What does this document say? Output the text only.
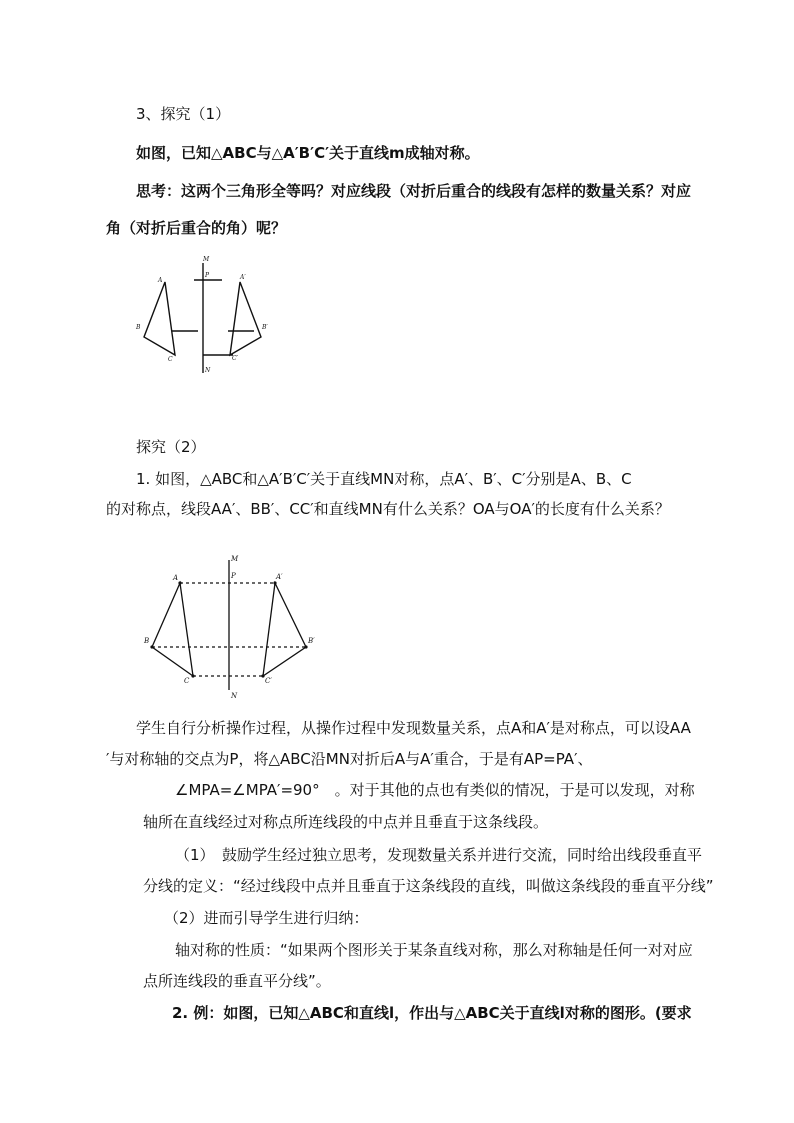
3、探究（1）
如图，已知△ABC与△A′B′C′关于直线m成轴对称。
思考：这两个三角形全等吗？对应线段（对折后重合的线段有怎样的数量关系？对应
角（对折后重合的角）呢？
A
B
C
A′
B′
C′
M
P
N
探究（2）
1. 如图，△ABC和△A′B′C′关于直线MN对称，点A′、B′、C′分别是A、B、C
的对称点，线段AA′、BB′、CC′和直线MN有什么关系？OA与OA′的长度有什么关系？
A
B
C
A′
B′
C′
M
P
N
学生自行分析操作过程，从操作过程中发现数量关系，点A和A′是对称点，可以设AA
′与对称轴的交点为P，将△ABC沿MN对折后A与A′重合，于是有AP=PA′、
∠MPA=∠MPA′=90°　。对于其他的点也有类似的情况，于是可以发现，对称
轴所在直线经过对称点所连线段的中点并且垂直于这条线段。
（1）　鼓励学生经过独立思考，发现数量关系并进行交流，同时给出线段垂直平
分线的定义：“经过线段中点并且垂直于这条线段的直线，叫做这条线段的垂直平分线”
（2）进而引导学生进行归纳：
轴对称的性质：“如果两个图形关于某条直线对称，那么对称轴是任何一对对应
点所连线段的垂直平分线”。
2. 例：如图，已知△ABC和直线l，作出与△ABC关于直线l对称的图形。(要求
